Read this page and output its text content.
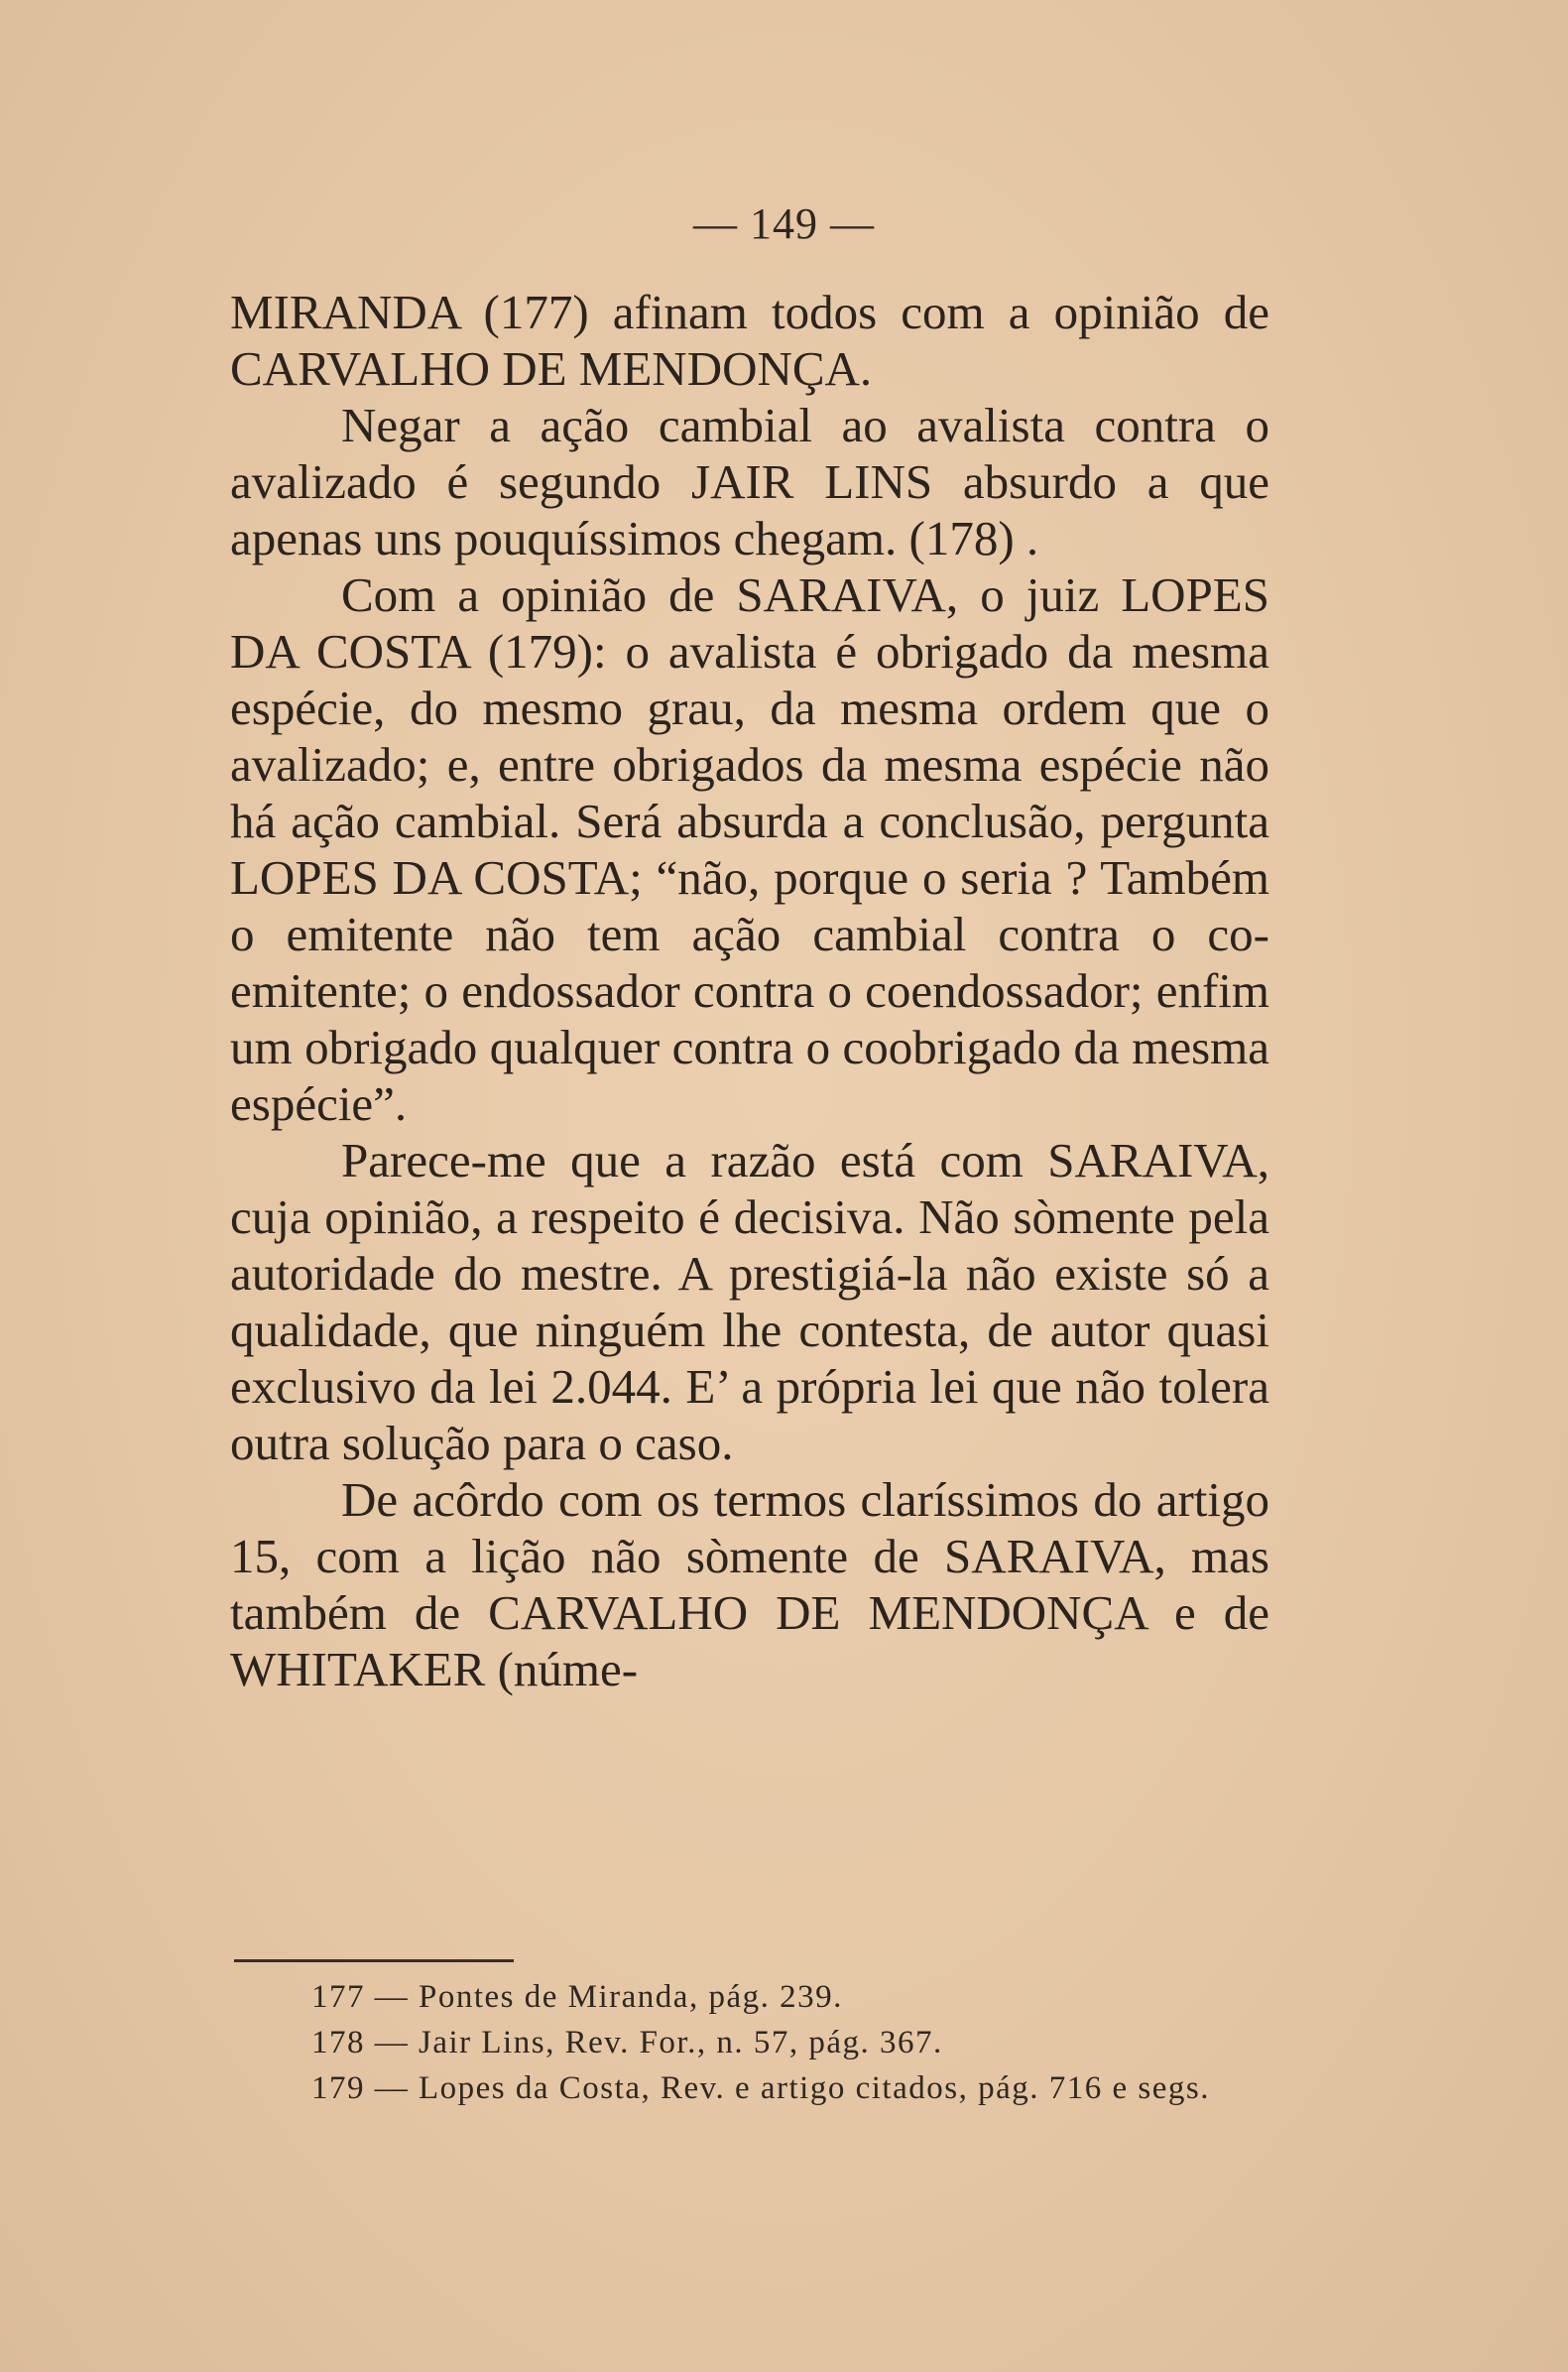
— 149 —

MIRANDA (177) afinam todos com a opinião de CARVALHO DE MENDONÇA.

Negar a ação cambial ao avalista contra o avalizado é segundo JAIR LINS absurdo a que apenas uns pouquíssimos chegam. (178) .

Com a opinião de SARAIVA, o juiz LOPES DA COSTA (179): o avalista é obrigado da mesma espécie, do mesmo grau, da mesma ordem que o avalizado; e, entre obrigados da mesma espécie não há ação cambial. Será absurda a conclusão, pergunta LOPES DA COSTA; “não, porque o seria ? Também o emitente não tem ação cambial contra o co-emitente; o endossador contra o coendossador; enfim um obrigado qualquer contra o coobrigado da mesma espécie”.

Parece-me que a razão está com SARAIVA, cuja opinião, a respeito é decisiva. Não sòmente pela autoridade do mestre. A prestigiá-la não existe só a qualidade, que ninguém lhe contesta, de autor quasi exclusivo da lei 2.044. E’ a própria lei que não tolera outra solução para o caso.

De acôrdo com os termos claríssimos do artigo 15, com a lição não sòmente de SARAIVA, mas também de CARVALHO DE MENDONÇA e de WHITAKER (núme-

177 — Pontes de Miranda, pág. 239.

178 — Jair Lins, Rev. For., n. 57, pág. 367.

179 — Lopes da Costa, Rev. e artigo citados, pág. 716 e segs.
